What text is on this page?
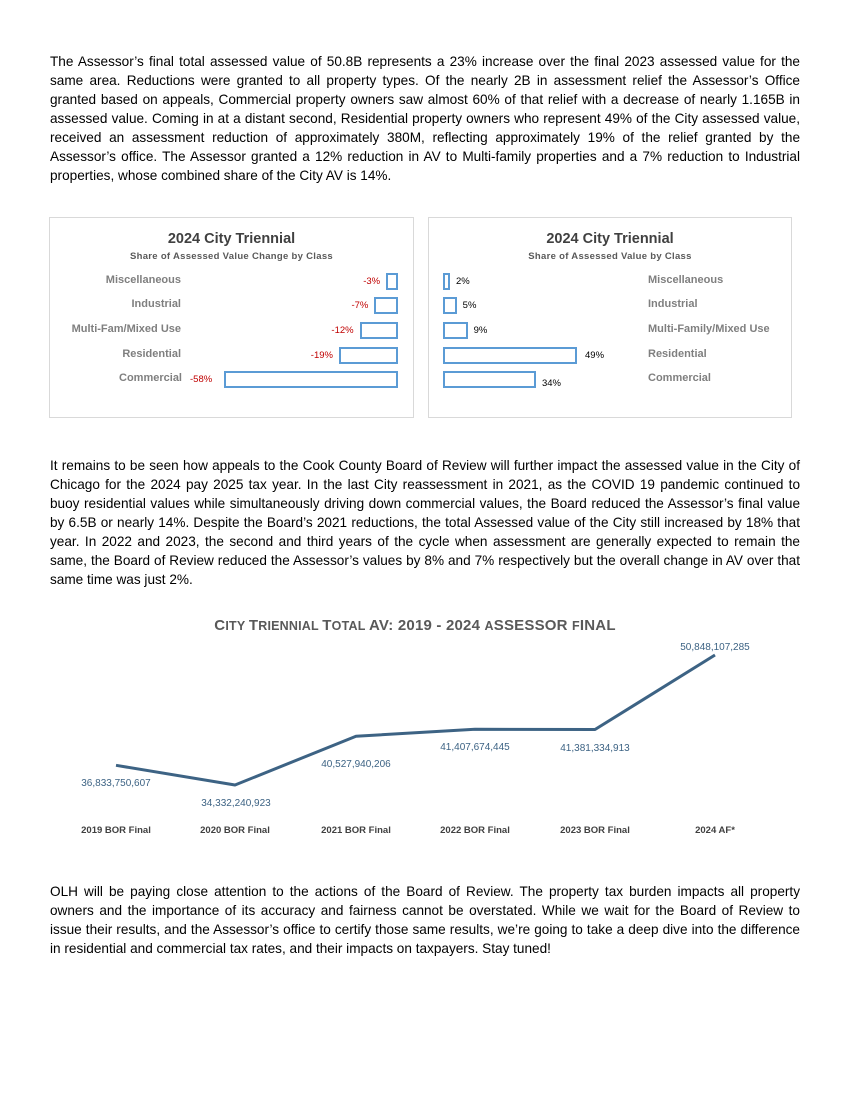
The Assessor’s final total assessed value of 50.8B represents a 23% increase over the final 2023 assessed value for the same area. Reductions were granted to all property types. Of the nearly 2B in assessment relief the Assessor’s Office granted based on appeals, Commercial property owners saw almost 60% of that relief with a decrease of nearly 1.165B in assessed value. Coming in at a distant second, Residential property owners who represent 49% of the City assessed value, received an assessment reduction of approximately 380M, reflecting approximately 19% of the relief granted by the Assessor’s office. The Assessor granted a 12% reduction in AV to Multi-family properties and a 7% reduction to Industrial properties, whose combined share of the City AV is 14%.

2024 City Triennial
Share of Assessed Value Change by Class
Miscellaneous	-3%
Industrial	-7%
Multi-Fam/Mixed Use	-12%
Residential	-19%
Commercial -58%
2024 City Triennial
Share of Assessed Value by Class
2%	Miscellaneous
5%	Industrial
9%	Multi-Family/Mixed Use
49%	Residential
34%	Commercial

It remains to be seen how appeals to the Cook County Board of Review will further impact the assessed value in the City of Chicago for the 2024 pay 2025 tax year. In the last City reassessment in 2021, as the COVID 19 pandemic continued to buoy residential values while simultaneously driving down commercial values, the Board reduced the Assessor’s final value by 6.5B or nearly 14%. Despite the Board’s 2021 reductions, the total Assessed value of the City still increased by 18% that year. In 2022 and 2023, the second and third years of the cycle when assessment are generally expected to remain the same, the Board of Review reduced the Assessor’s values by 8% and 7% respectively but the overall change in AV over that same time was just 2%.

CITY TRIENNIAL TOTAL AV: 2019 - 2024 ASSESSOR FINAL
36,833,750,607
2019 BOR Final
34,332,240,923
2020 BOR Final
40,527,940,206
2021 BOR Final
41,407,674,445
2022 BOR Final
41,381,334,913
2023 BOR Final
50,848,107,285
2024 AF*

OLH will be paying close attention to the actions of the Board of Review. The property tax burden impacts all property owners and the importance of its accuracy and fairness cannot be overstated. While we wait for the Board of Review to issue their results, and the Assessor’s office to certify those same results, we’re going to take a deep dive into the difference in residential and commercial tax rates, and their impacts on taxpayers. Stay tuned!
